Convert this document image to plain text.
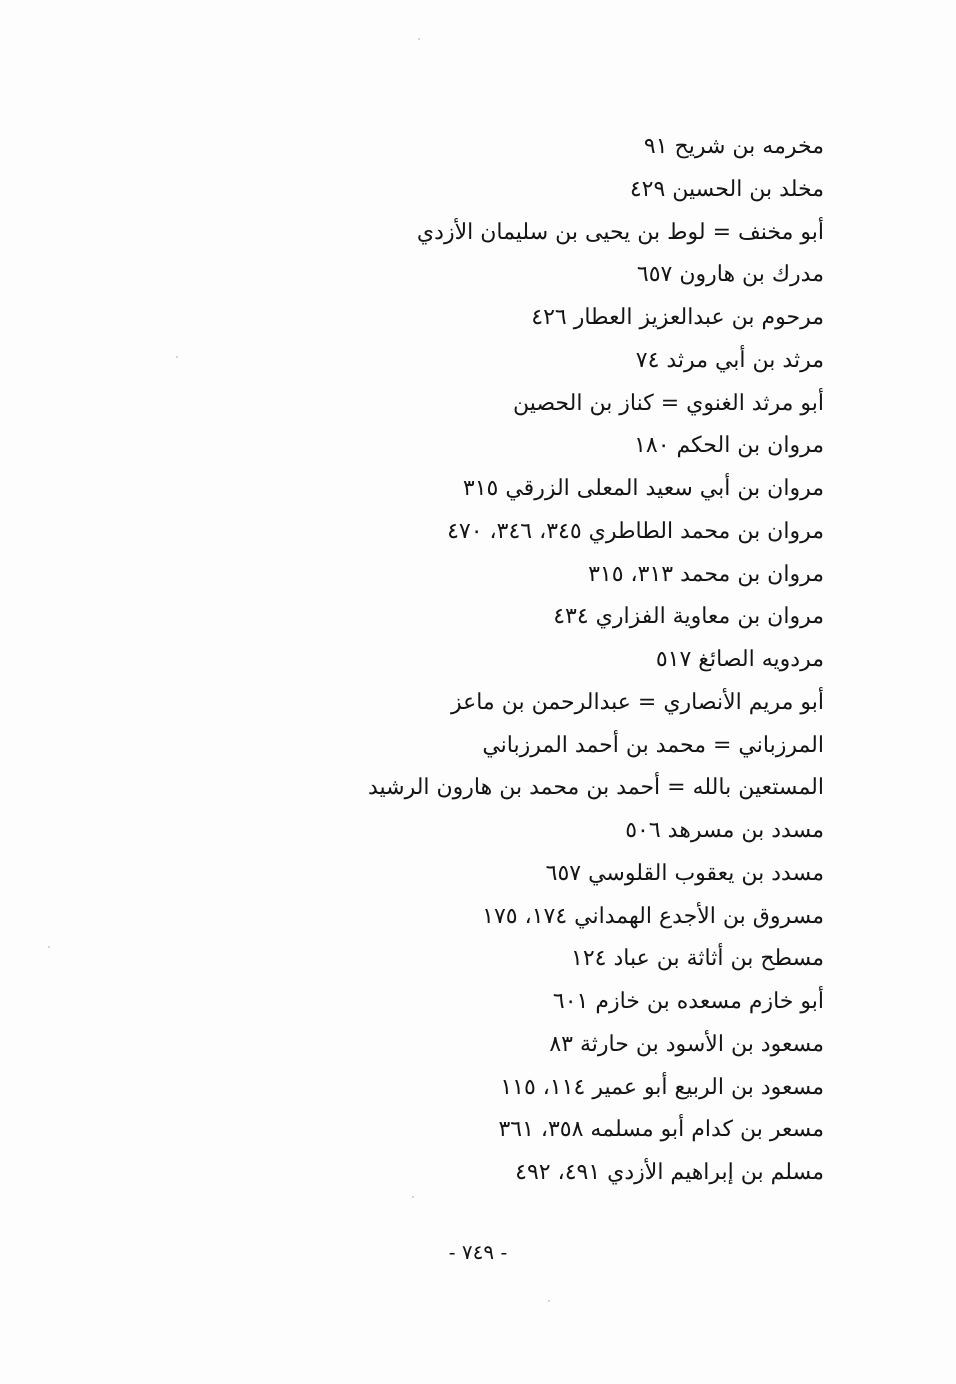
مخرمه بن شريح ٩١
مخلد بن الحسين ٤٢٩
أبو مخنف = لوط بن يحيى بن سليمان الأزدي
مدرك بن هارون ٦٥٧
مرحوم بن عبدالعزيز العطار ٤٢٦
مرثد بن أبي مرثد ٧٤
أبو مرثد الغنوي = كناز بن الحصين
مروان بن الحكم ١٨٠
مروان بن أبي سعيد المعلى الزرقي ٣١٥
مروان بن محمد الطاطري ٣٤٥، ٣٤٦، ٤٧٠
مروان بن محمد ٣١٣، ٣١٥
مروان بن معاوية الفزاري ٤٣٤
مردويه الصائغ ٥١٧
أبو مريم الأنصاري = عبدالرحمن بن ماعز
المرزباني = محمد بن أحمد المرزباني
المستعين بالله = أحمد بن محمد بن هارون الرشيد
مسدد بن مسرهد ٥٠٦
مسدد بن يعقوب القلوسي ٦٥٧
مسروق بن الأجدع الهمداني ١٧٤، ١٧٥
مسطح بن أثاثة بن عباد ١٢٤
أبو خازم مسعده بن خازم ٦٠١
مسعود بن الأسود بن حارثة ٨٣
مسعود بن الربيع أبو عمير ١١٤، ١١٥
مسعر بن كدام أبو مسلمه ٣٥٨، ٣٦١
مسلم بن إبراهيم الأزدي ٤٩١، ٤٩٢
- ٧٤٩ -
